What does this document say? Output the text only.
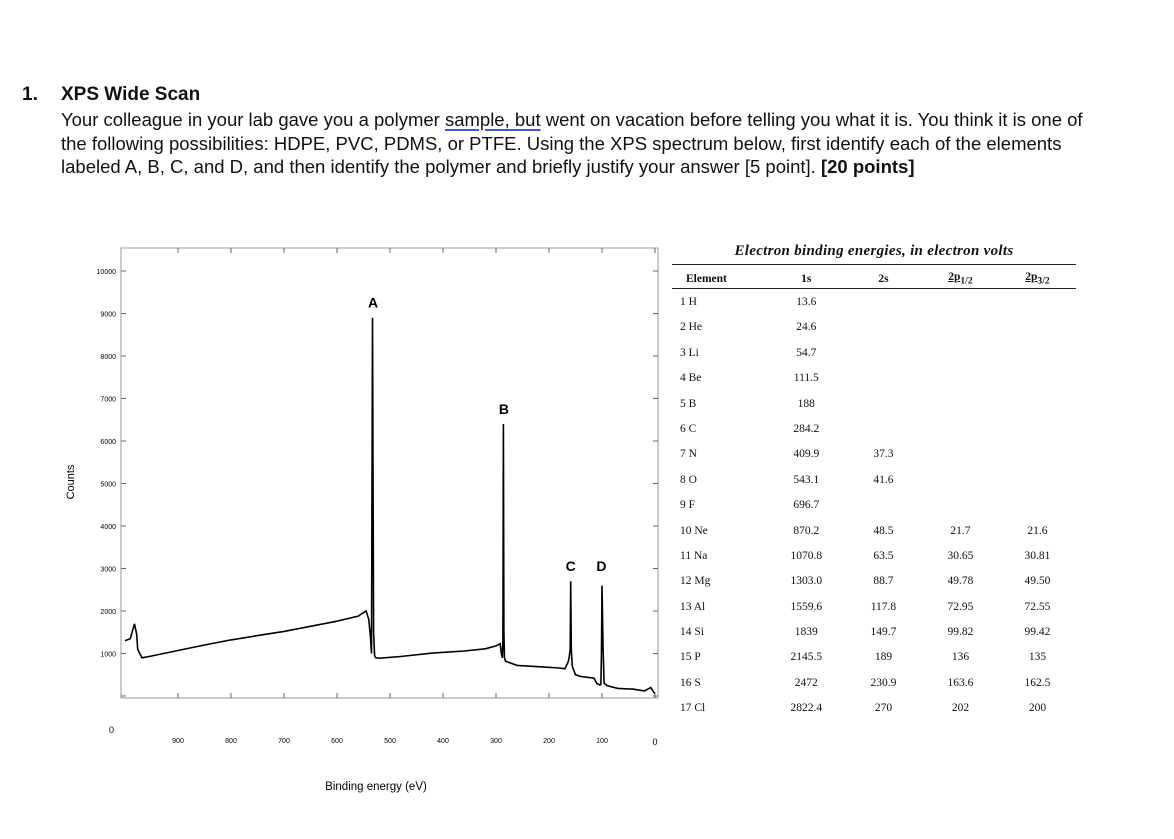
1. XPS Wide Scan
Your colleague in your lab gave you a polymer sample, but went on vacation before telling you what it is. You think it is one of the following possibilities: HDPE, PVC, PDMS, or PTFE. Using the XPS spectrum below, first identify each of the elements labeled A, B, C, and D, and then identify the polymer and briefly justify your answer [5 point]. [20 points]
0
1000
2000
3000
4000
5000
6000
7000
8000
9000
10000
900	800	700	600	500	400	300	200	100	0
Counts
Binding energy (eV)
A
B
C D
Electron binding energies, in electron volts
Element	1s	2s	$2p_{1/2}$	$2p_{3/2}$
1 H	13.6			
2 He	24.6			
3 Li	54.7			
4 Be	111.5			
5 B	188			
6 C	284.2			
7 N	409.9	37.3		
8 O	543.1	41.6		
9 F	696.7			
10 Ne	870.2	48.5	21.7	21.6
11 Na	1070.8	63.5	30.65	30.81
12 Mg	1303.0	88.7	49.78	49.50
13 Al	1559.6	117.8	72.95	72.55
14 Si	1839	149.7	99.82	99.42
15 P	2145.5	189	136	135
16 S	2472	230.9	163.6	162.5
17 Cl	2822.4	270	202	200
